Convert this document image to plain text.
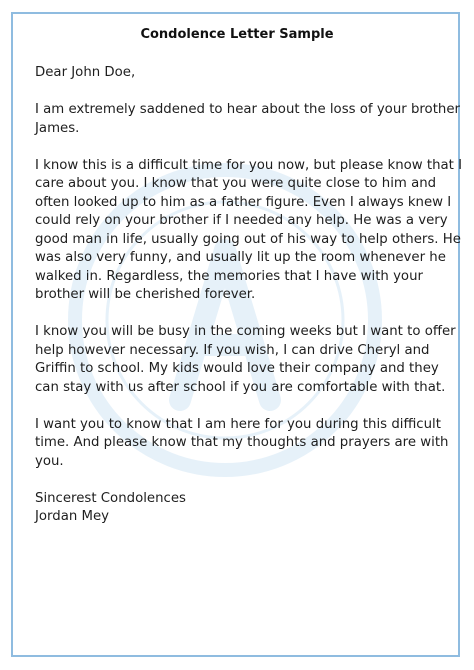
Condolence Letter Sample

Dear John Doe,

I am extremely saddened to hear about the loss of your brother
James.

I know this is a difficult time for you now, but please know that I
care about you. I know that you were quite close to him and
often looked up to him as a father figure. Even I always knew I
could rely on your brother if I needed any help. He was a very
good man in life, usually going out of his way to help others. He
was also very funny, and usually lit up the room whenever he
walked in. Regardless, the memories that I have with your
brother will be cherished forever.

I know you will be busy in the coming weeks but I want to offer
help however necessary. If you wish, I can drive Cheryl and
Griffin to school. My kids would love their company and they
can stay with us after school if you are comfortable with that.

I want you to know that I am here for you during this difficult
time. And please know that my thoughts and prayers are with
you.

Sincerest Condolences
Jordan Mey
